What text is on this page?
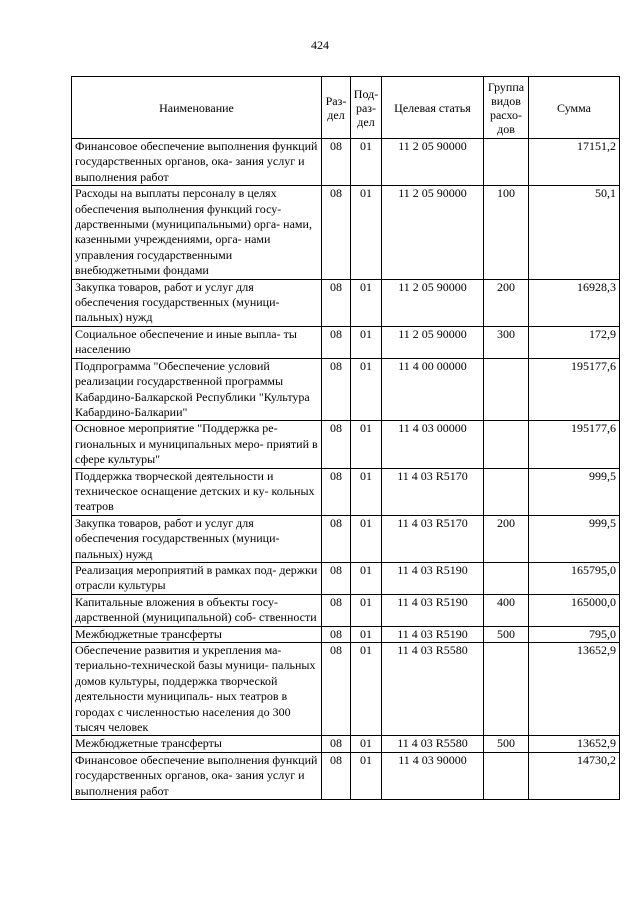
424
Наименование	Раз- дел	Под- раз- дел	Целевая статья	Группа видов расхо- дов	Сумма
Финансовое обеспечение выполнения функций государственных органов, ока- зания услуг и выполнения работ	08	01	11 2 05 90000		17151,2
Расходы на выплаты персоналу в целях обеспечения выполнения функций госу- дарственными (муниципальными) орга- нами, казенными учреждениями, орга- нами управления государственными внебюджетными фондами	08	01	11 2 05 90000	100	50,1
Закупка товаров, работ и услуг для обеспечения государственных (муници- пальных) нужд	08	01	11 2 05 90000	200	16928,3
Социальное обеспечение и иные выпла- ты населению	08	01	11 2 05 90000	300	172,9
Подпрограмма "Обеспечение условий реализации государственной программы Кабардино-Балкарской Республики "Культура Кабардино-Балкарии"	08	01	11 4 00 00000		195177,6
Основное мероприятие "Поддержка ре- гиональных и муниципальных меро- приятий в сфере культуры"	08	01	11 4 03 00000		195177,6
Поддержка творческой деятельности и техническое оснащение детских и ку- кольных театров	08	01	11 4 03 R5170		999,5
Закупка товаров, работ и услуг для обеспечения государственных (муници- пальных) нужд	08	01	11 4 03 R5170	200	999,5
Реализация мероприятий в рамках под- держки отрасли культуры	08	01	11 4 03 R5190		165795,0
Капитальные вложения в объекты госу- дарственной (муниципальной) соб- ственности	08	01	11 4 03 R5190	400	165000,0
Межбюджетные трансферты	08	01	11 4 03 R5190	500	795,0
Обеспечение развития и укрепления ма- териально-технической базы муници- пальных домов культуры, поддержка творческой деятельности муниципаль- ных театров в городах с численностью населения до 300 тысяч человек	08	01	11 4 03 R5580		13652,9
Межбюджетные трансферты	08	01	11 4 03 R5580	500	13652,9
Финансовое обеспечение выполнения функций государственных органов, ока- зания услуг и выполнения работ	08	01	11 4 03 90000		14730,2
